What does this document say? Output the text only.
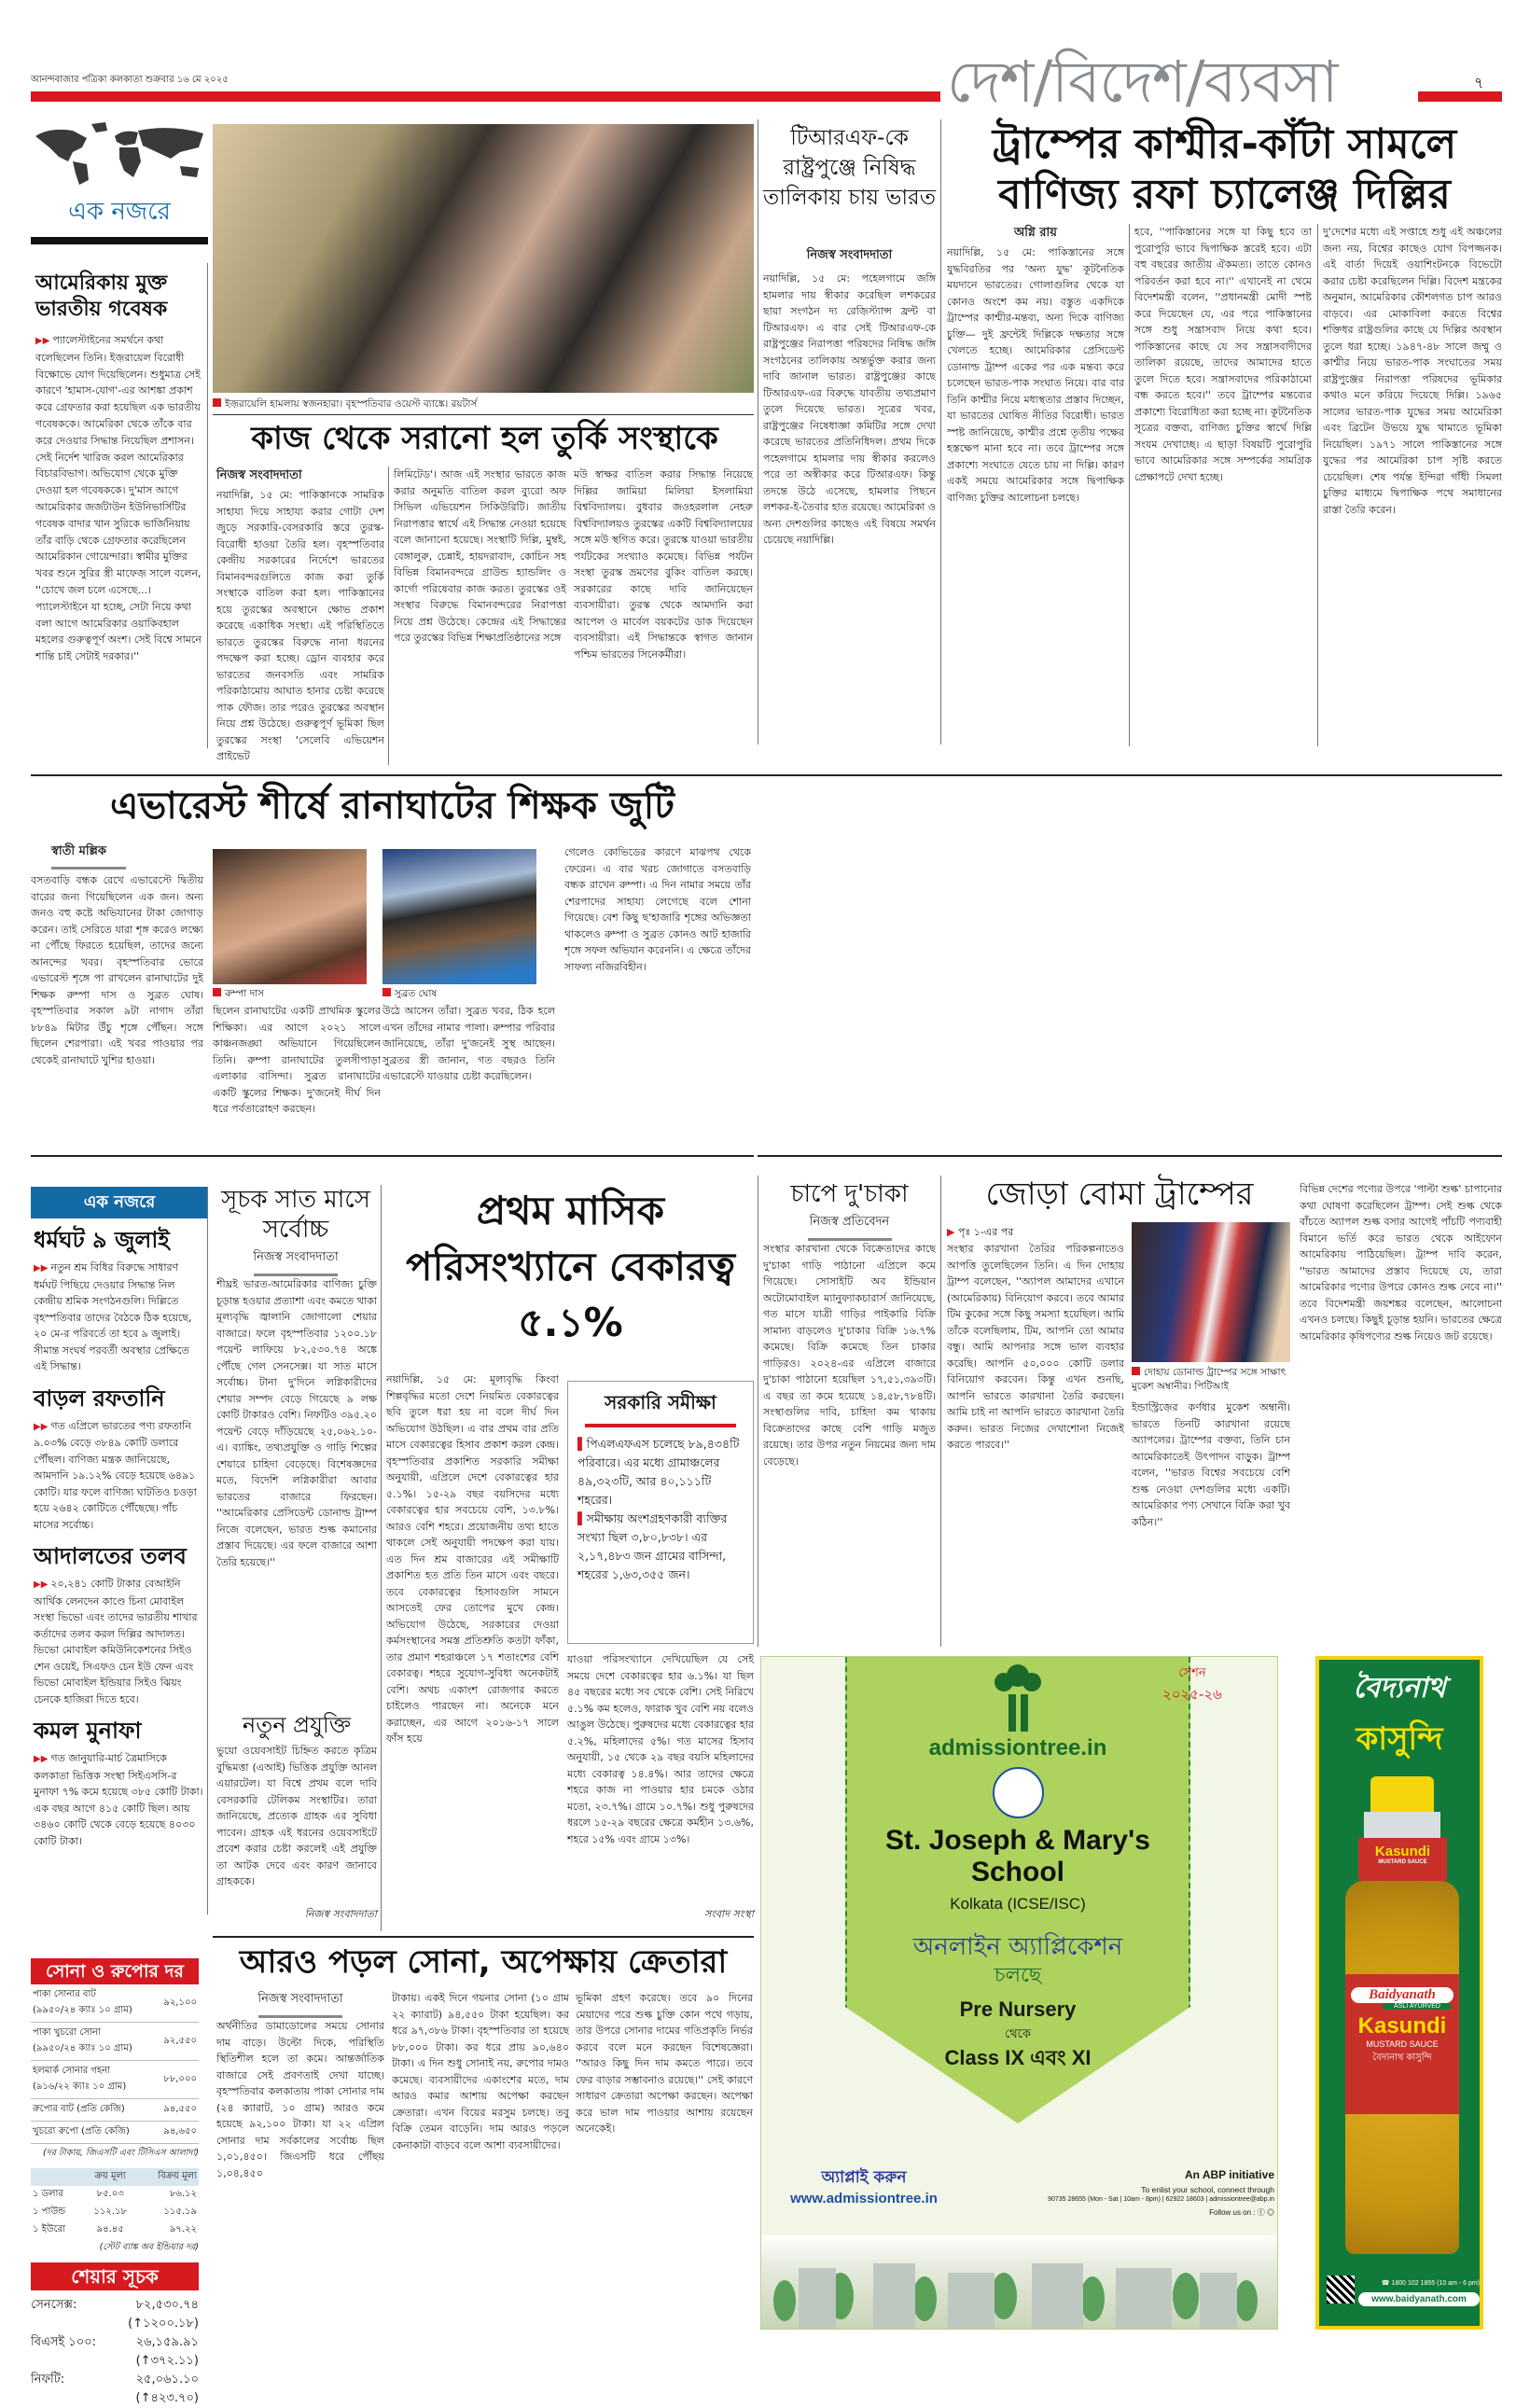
আনন্দবাজার পত্রিকা কলকাতা শুক্রবার ১৬ মে ২০২৫	দেশ/বিদেশ/ব্যবসা	৭
এক নজরে
আমেরিকায় মুক্ত ভারতীয় গবেষক
▶▶ প্যালেস্টাইনের সমর্থনে কথা বলেছিলেন তিনি। ইজ়রায়েল বিরোধী বিক্ষোভে যোগ দিয়েছিলেন। শুধুমাত্র সেই কারণে 'হামাস-যোগ'-এর আশঙ্কা প্রকাশ করে গ্রেফতার করা হয়েছিল এক ভারতীয় গবেষককে। আমেরিকা থেকে তাঁকে বার করে দেওয়ার সিদ্ধান্ত নিয়েছিল প্রশাসন। সেই নির্দেশ খারিজ করল আমেরিকার বিচারবিভাগ। অভিযোগ থেকে মুক্তি দেওয়া হল গবেষককে। দু'মাস আগে আমেরিকার জর্জটাউন ইউনিভার্সিটির গবেষক বাদার খান সুরিকে ভার্জিনিয়ায় তাঁর বাড়ি থেকে গ্রেফতার করেছিলেন আমেরিকান গোয়েন্দারা। স্বামীর মুক্তির খবর শুনে সুরির স্ত্রী মাফেজ় সালে বলেন, ''চোখে জল চলে এসেছে...। প্যালেস্টাইনে যা হচ্ছে, সেটা নিয়ে কথা বলা আগে আমেরিকার ওয়াকিবহাল মহলের গুরুত্বপূর্ণ অংশ। সেই বিশ্বে সামনে শান্তি চাই সেটাই দরকার।''
ইজ়রায়েলি হামলায় স্বজনহারা। বৃহস্পতিবার ওয়েস্ট ব্যাঙ্কে। রয়টার্স
কাজ থেকে সরানো হল তুর্কি সংস্থাকে
নিজস্ব সংবাদদাতা
নয়াদিল্লি, ১৫ মে: পাকিস্তানকে সামরিক সাহায্য দিয়ে সাহায্য করার গোটা দেশ জুড়ে সরকারি-বেসরকারি স্তরে তুরস্ক-বিরোধী হাওয়া তৈরি হল। বৃহস্পতিবার কেন্দ্রীয় সরকারের নির্দেশে ভারতের বিমানবন্দরগুলিতে কাজ করা তুর্কি সংস্থাকে বাতিল করা হল। পাকিস্তানের হয়ে তুরস্কের অবস্থানে ক্ষোভ প্রকাশ করেছে একাধিক সংস্থা। এই পরিস্থিতিতে ভারতে তুরস্কের বিরুদ্ধে নানা ধরনের পদক্ষেপ করা হচ্ছে। ড্রোন ব্যবহার করে ভারতের জনবসতি এবং সামরিক পরিকাঠামোয় আঘাত হানার চেষ্টা করেছে পাক ফৌজ। তার পরেও তুরস্কের অবস্থান নিয়ে প্রশ্ন উঠেছে। গুরুত্বপূর্ণ ভূমিকা ছিল তুরস্কের সংস্থা 'সেলেবি এভিয়েশন প্রাইভেট
লিমিটেড'। আজ এই সংস্থার ভারতে কাজ করার অনুমতি বাতিল করল ব্যুরো অফ সিভিল এভিয়েশন সিকিউরিটি। জাতীয় নিরাপত্তার স্বার্থে এই সিদ্ধান্ত নেওয়া হয়েছে বলে জানানো হয়েছে। সংস্থাটি দিল্লি, মুম্বই, বেঙ্গালুরু, চেন্নাই, হায়দরাবাদ, কোচিন সহ বিভিন্ন বিমানবন্দরে গ্রাউন্ড হ্যান্ডলিং ও কার্গো পরিষেবার কাজ করত। তুরস্কের ওই সংস্থার বিরুদ্ধে বিমানবন্দরের নিরাপত্তা নিয়ে প্রশ্ন উঠেছে। কেন্দ্রের এই সিদ্ধান্তের পরে তুরস্কের বিভিন্ন শিক্ষাপ্রতিষ্ঠানের সঙ্গে
মউ স্বাক্ষর বাতিল করার সিদ্ধান্ত নিয়েছে দিল্লির জামিয়া মিলিয়া ইসলামিয়া বিশ্ববিদ্যালয়। বুধবার জওহরলাল নেহরু বিশ্ববিদ্যালয়ও তুরস্কের একটি বিশ্ববিদ্যালয়ের সঙ্গে মউ স্থগিত করে। তুরস্কে যাওয়া ভারতীয় পর্যটকের সংখ্যাও কমেছে। বিভিন্ন পর্যটন সংস্থা তুরস্ক ভ্রমণের বুকিং বাতিল করছে। সরকারের কাছে দাবি জানিয়েছেন ব্যবসায়ীরা। তুরস্ক থেকে আমদানি করা আপেল ও মার্বেল বয়কটের ডাক দিয়েছেন ব্যবসায়ীরা। এই সিদ্ধান্তকে স্বাগত জানান পশ্চিম ভারতের সিনেকর্মীরা।
টিআরএফ-কে রাষ্ট্রপুঞ্জে নিষিদ্ধ তালিকায় চায় ভারত
নিজস্ব সংবাদদাতা
নয়াদিল্লি, ১৫ মে: পহেলগামে জঙ্গি হামলার দায় স্বীকার করেছিল লশকরের ছায়া সংগঠন দ্য রেজ়িস্ট্যান্স ফ্রন্ট বা টিআরএফ। এ বার সেই টিআরএফ-কে রাষ্ট্রপুঞ্জের নিরাপত্তা পরিষদের নিষিদ্ধ জঙ্গি সংগঠনের তালিকায় অন্তর্ভুক্ত করার জন্য দাবি জানাল ভারত। রাষ্ট্রপুঞ্জের কাছে টিআরএফ-এর বিরুদ্ধে যাবতীয় তথ্যপ্রমাণ তুলে দিয়েছে ভারত। সূত্রের খবর, রাষ্ট্রপুঞ্জের নিষেধাজ্ঞা কমিটির সঙ্গে দেখা করেছে ভারতের প্রতিনিধিদল। প্রথম দিকে পহেলগামে হামলার দায় স্বীকার করলেও পরে তা অস্বীকার করে টিআরএফ। কিন্তু তদন্তে উঠে এসেছে, হামলার পিছনে লশকর-ই-তৈবার হাত রয়েছে। আমেরিকা ও অন্য দেশগুলির কাছেও এই বিষয়ে সমর্থন চেয়েছে নয়াদিল্লি।
ট্রাম্পের কাশ্মীর-কাঁটা সামলে বাণিজ্য রফা চ্যালেঞ্জ দিল্লির
অগ্নি রায়
নয়াদিল্লি, ১৫ মে: পাকিস্তানের সঙ্গে যুদ্ধবিরতির পর 'অন্য যুদ্ধ' কূটনৈতিক ময়দানে ভারতের। গোলাগুলির থেকে যা কোনও অংশে কম নয়। বস্তুত একদিকে ট্রাম্পের কাশ্মীর-মন্তব্য, অন্য দিকে বাণিজ্য চুক্তি— দুই ফ্রন্টেই দিল্লিকে দক্ষতার সঙ্গে খেলতে হচ্ছে। আমেরিকার প্রেসিডেন্ট ডোনাল্ড ট্রাম্প একের পর এক মন্তব্য করে চলেছেন ভারত-পাক সংঘাত নিয়ে। বার বার তিনি কাশ্মীর নিয়ে মধ্যস্থতার প্রস্তাব দিচ্ছেন, যা ভারতের ঘোষিত নীতির বিরোধী। ভারত স্পষ্ট জানিয়েছে, কাশ্মীর প্রশ্নে তৃতীয় পক্ষের হস্তক্ষেপ মানা হবে না। তবে ট্রাম্পের সঙ্গে প্রকাশ্যে সংঘাতে যেতে চায় না দিল্লি। কারণ একই সময়ে আমেরিকার সঙ্গে দ্বিপাক্ষিক বাণিজ্য চুক্তির আলোচনা চলছে।
হবে, ''পাকিস্তানের সঙ্গে যা কিছু হবে তা পুরোপুরি ভাবে দ্বিপাক্ষিক স্তরেই হবে। এটা বহু বছরের জাতীয় ঐকমত্য। তাতে কোনও পরিবর্তন করা হবে না।'' এখানেই না থেমে বিদেশমন্ত্রী বলেন, ''প্রধানমন্ত্রী মোদী স্পষ্ট করে দিয়েছেন যে, এর পরে পাকিস্তানের সঙ্গে শুধু সন্ত্রাসবাদ নিয়ে কথা হবে। পাকিস্তানের কাছে যে সব সন্ত্রাসবাদীদের তালিকা রয়েছে, তাদের আমাদের হাতে তুলে দিতে হবে। সন্ত্রাসবাদের পরিকাঠামো বন্ধ করতে হবে।'' তবে ট্রাম্পের মন্তব্যের প্রকাশ্যে বিরোধিতা করা হচ্ছে না। কূটনৈতিক সূত্রের বক্তব্য, বাণিজ্য চুক্তির স্বার্থে দিল্লি সংযম দেখাচ্ছে। এ ছাড়া বিষয়টি পুরোপুরি ভাবে আমেরিকার সঙ্গে সম্পর্কের সামগ্রিক প্রেক্ষাপটে দেখা হচ্ছে।
দু'দেশের মধ্যে এই সপ্তাহে শুধু এই অঞ্চলের জন্য নয়, বিশ্বের কাছেও যোগ বিপজ্জনক। এই বার্তা দিয়েই ওয়াশিংটনকে বিভেটো করার চেষ্টা করেছিলেন দিল্লি। বিদেশ মন্ত্রকের অনুমান, আমেরিকার কৌশলগত চাপ আরও বাড়বে। এর মোকাবিলা করতে বিশ্বের শক্তিধর রাষ্ট্রগুলির কাছে যে দিল্লির অবস্থান তুলে ধরা হচ্ছে। ১৯৪৭-৪৮ সালে জম্মু ও কাশ্মীর নিয়ে ভারত-পাক সংঘাতের সময় রাষ্ট্রপুঞ্জের নিরাপত্তা পরিষদের ভূমিকার কথাও মনে করিয়ে দিয়েছে দিল্লি। ১৯৬৫ সালের ভারত-পাক যুদ্ধের সময় আমেরিকা এবং ব্রিটেন উভয়ে যুদ্ধ থামাতে ভূমিকা নিয়েছিল। ১৯৭১ সালে পাকিস্তানের সঙ্গে যুদ্ধের পর আমেরিকা চাপ সৃষ্টি করতে চেয়েছিল। শেষ পর্যন্ত ইন্দিরা গাঁধী সিমলা চুক্তির মাধ্যমে দ্বিপাক্ষিক পথে সমাধানের রাস্তা তৈরি করেন।
এভারেস্ট শীর্ষে রানাঘাটের শিক্ষক জুটি
স্বাতী মল্লিক
বসতবাড়ি বন্ধক রেখে এভারেস্টে দ্বিতীয় বারের জন্য গিয়েছিলেন এক জন। অন্য জনও বহু কষ্টে অভিযানের টাকা জোগাড় করেন। তাই সেরিতে যারা শৃঙ্গ করেও লক্ষ্যে না পৌঁছে ফিরতে হয়েছিল, তাদের জন্যে আনন্দের খবর। বৃহস্পতিবার ভোরে এভারেস্ট শৃঙ্গে পা রাখলেন রানাঘাটের দুই শিক্ষক রুম্পা দাস ও সুব্রত ঘোষ। বৃহস্পতিবার সকাল ৯টা নাগাদ তাঁরা ৮৮৪৯ মিটার উঁচু শৃঙ্গে পৌঁছন। সঙ্গে ছিলেন শেরপারা। এই খবর পাওয়ার পর থেকেই রানাঘাটে খুশির হাওয়া।
রুম্পা দাস
ছিলেন রানাঘাটের একটি প্রাথমিক স্কুলের শিক্ষিকা। এর আগে ২০২১ সালে কাঞ্চনজঙ্ঘা অভিযানে গিয়েছিলেন তিনি। রুম্পা রানাঘাটের তুলসীপাড়া এলাকার বাসিন্দা। সুব্রত রানাঘাটের একটি স্কুলের শিক্ষক। দু'জনেই দীর্ঘ দিন ধরে পর্বতারোহণ করছেন।
সুব্রত ঘোষ
উঠে আসেন তাঁরা। সুব্রত খবর, ঠিক হলে এখন তাঁদের নামার পালা। রুম্পার পরিবার জানিয়েছে, তাঁরা দু'জনেই সুস্থ আছেন। সুব্রতর স্ত্রী জানান, গত বছরও তিনি এভারেস্টে যাওয়ার চেষ্টা করেছিলেন।
গেলেও কোভিডের কারণে মাঝপথ থেকে ফেরেন। এ বার খরচ জোগাতে বসতবাড়ি বন্ধক রাখেন রুম্পা। এ দিন নামার সময়ে তাঁর শেরপাদের সাহায্য লেগেছে বলে শোনা গিয়েছে। বেশ কিছু ছ'হাজারি শৃঙ্গের অভিজ্ঞতা থাকলেও রুম্পা ও সুব্রত কোনও আট হাজারি শৃঙ্গে সফল অভিযান করেননি। এ ক্ষেত্রে তাঁদের সাফল্য নজিরবিহীন।
এক নজরে
ধর্মঘট ৯ জুলাই
▶▶ নতুন শ্রম বিধির বিরুদ্ধে সাধারণ ধর্মঘট পিছিয়ে দেওয়ার সিদ্ধান্ত নিল কেন্দ্রীয় শ্রমিক সংগঠনগুলি। দিল্লিতে বৃহস্পতিবার তাদের বৈঠকে ঠিক হয়েছে, ২০ মে-র পরিবর্তে তা হবে ৯ জুলাই। সীমান্ত সংঘর্ষ পরবর্তী অবস্থার প্রেক্ষিতে এই সিদ্ধান্ত।
বাড়ল রফতানি
▶▶ গত এপ্রিলে ভারতের পণ্য রফতানি ৯.০৩% বেড়ে ৩৮৪৯ কোটি ডলারে পৌঁছল। বাণিজ্য মন্ত্রক জানিয়েছে, আমদানি ১৯.১২% বেড়ে হয়েছে ৬৪৯১ কোটি। যার ফলে বাণিজ্য ঘাটতিও চওড়া হয়ে ২৬৪২ কোটিতে পৌঁছেছে। পাঁচ মাসের সর্বোচ্চ।
আদালতের তলব
▶▶ ২০,২৪১ কোটি টাকার বেআইনি আর্থিক লেনদেন কাণ্ডে চিনা মোবাইল সংস্থা ভিভো এবং তাদের ভারতীয় শাখার কর্তাদের তলব করল দিল্লির আদালত। ভিভো মোবাইল কমিউনিকেশনের সিইও শেন ওয়েই, সিএফও চেন ইউ ফেন এবং ভিভো মোবাইল ইন্ডিয়ার সিইও ঝিয়ং চেনকে হাজিরা দিতে হবে।
কমল মুনাফা
▶▶ গত জানুয়ারি-মার্চ ত্রৈমাসিকে কলকাতা ভিত্তিক সংস্থা সিইএসসি-র মুনাফা ৭% কমে হয়েছে ৩৮৫ কোটি টাকা। এক বছর আগে ৪১৫ কোটি ছিল। আয় ৩৪৬০ কোটি থেকে বেড়ে হয়েছে ৪০৩০ কোটি টাকা।
সোনা ও রুপোর দর
পাকা সোনার বাট
(৯৯৫০/২৪ ক্যাঃ ১০ গ্রাম)	৯২,১০০

পাকা খুচরো সোনা
(৯৯৫০/২৪ ক্যাঃ ১০ গ্রাম)	৯২,৫৫০

হলমার্ক সোনার গহনা
(৯১৬/২২ ক্যাঃ ১০ গ্রাম)	৮৮,০০০
রুপোর বাট (প্রতি কেজি)	৯৪,৫৫০
খুচরো রুপো (প্রতি কেজি)	৯৪,৬৫০
(দর টাকায়, জিএসটি এবং টিসিএস আলাদা)
	ক্রয় মূল্য	বিক্রয় মূল্য
১ ডলার	৮৫.০৩	৮৬.১২
১ পাউন্ড	১১২.১৮	১১৫.১৯
১ ইউরো	৯৪.৪৫	৯৭.২২
(স্টেট ব্যাঙ্ক অব ইন্ডিয়ার দর)
শেয়ার সূচক
সেনসেক্স:	৮২,৫৩০.৭৪
(↑১২০০.১৮)
বিএসই ১০০:	২৬,১৫৯.৯১
(↑৩৭২.১১)
নিফটি:	২৫,০৬১.১০
(↑৪২৩.৭০)
সূচক সাত মাসে সর্বোচ্চ
নিজস্ব সংবাদদাতা
শীঘ্রই ভারত-আমেরিকার বাণিজ্য চুক্তি চূড়ান্ত হওয়ার প্রত্যাশা এবং কমতে থাকা মূল্যবৃদ্ধি জ্বালানি জোগালো শেয়ার বাজারে। ফলে বৃহস্পতিবার ১২০০.১৮ পয়েন্ট লাফিয়ে ৮২,৫৩০.৭৪ অঙ্কে পৌঁছে গেল সেনসেক্স। যা সাত মাসে সর্বোচ্চ। টানা দু'দিনে লগ্নিকারীদের শেয়ার সম্পদ বেড়ে গিয়েছে ৯ লক্ষ কোটি টাকারও বেশি। নিফটিও ৩৯৫.২০ পয়েন্ট বেড়ে দাঁড়িয়েছে ২৫,০৬২.১০-এ। ব্যাঙ্কিং, তথ্যপ্রযুক্তি ও গাড়ি শিল্পের শেয়ারে চাহিদা বেড়েছে। বিশেষজ্ঞদের মতে, বিদেশি লগ্নিকারীরা আবার ভারতের বাজারে ফিরছেন। ''আমেরিকার প্রেসিডেন্ট ডোনাল্ড ট্রাম্প নিজে বলেছেন, ভারত শুল্ক কমানোর প্রস্তাব দিয়েছে। এর ফলে বাজারে আশা তৈরি হয়েছে।''
নতুন প্রযুক্তি
ভুয়ো ওয়েবসাইট চিহ্নিত করতে কৃত্রিম বুদ্ধিমত্তা (এআই) ভিত্তিক প্রযুক্তি আনল এয়ারটেল। যা বিশ্বে প্রথম বলে দাবি বেসরকারি টেলিকম সংস্থাটির। তারা জানিয়েছে, প্রত্যেক গ্রাহক এর সুবিধা পাবেন। গ্রাহক এই ধরনের ওয়েবসাইটে প্রবেশ করার চেষ্টা করলেই এই প্রযুক্তি তা আটক দেবে এবং কারণ জানাবে গ্রাহককে।
নিজস্ব সংবাদদাতা
প্রথম মাসিক পরিসংখ্যানে বেকারত্ব ৫.১%
নয়াদিল্লি, ১৫ মে: মূল্যবৃদ্ধি কিংবা শিল্পবৃদ্ধির মতো দেশে নিয়মিত বেকারত্বের ছবি তুলে ধরা হয় না বলে দীর্ঘ দিন অভিযোগ উঠছিল। এ বার প্রথম বার প্রতি মাসে বেকারত্বের হিসাব প্রকাশ করল কেন্দ্র। বৃহস্পতিবার প্রকাশিত সরকারি সমীক্ষা অনুযায়ী, এপ্রিলে দেশে বেকারত্বের হার ৫.১%। ১৫-২৯ বছর বয়সিদের মধ্যে বেকারত্বের হার সবচেয়ে বেশি, ১৩.৮%। আরও বেশি শহরে। প্রয়োজনীয় তথ্য হাতে থাকলে সেই অনুযায়ী পদক্ষেপ করা যায়। এত দিন শ্রম বাজারের এই সমীক্ষাটি প্রকাশিত হত প্রতি তিন মাসে এবং বছরে। তবে বেকারত্বের হিসাবগুলি সামনে আসতেই ফের তোপের মুখে কেন্দ্র। অভিযোগ উঠেছে, সরকারের দেওয়া কর্মসংস্থানের সমস্ত প্রতিশ্রুতি কতটা ফাঁকা, তার প্রমাণ শহরাঞ্চলে ১৭ শতাংশের বেশি বেকারত্ব। শহরে সুযোগ-সুবিধা অনেকটাই বেশি। অথচ একাংশ রোজগার করতে চাইলেও পারছেন না। অনেকে মনে করাচ্ছেন, এর আগে ২০১৬-১৭ সালে ফাঁস হয়ে
সরকারি সমীক্ষা
▌পিএলএফএস চলেছে ৮৯,৪৩৪টি পরিবারে। এর মধ্যে গ্রামাঞ্চলের ৪৯,৩২৩টি, আর ৪০,১১১টি শহরের।
▌সমীক্ষায় অংশগ্রহণকারী ব্যক্তির সংখ্যা ছিল ৩,৮০,৮৩৮। এর ২,১৭,৪৮৩ জন গ্রামের বাসিন্দা, শহরের ১,৬৩,৩৫৫ জন।
যাওয়া পরিসংখ্যানে দেখিয়েছিল যে সেই সময়ে দেশে বেকারত্বের হার ৬.১%। যা ছিল ৪৫ বছরের মধ্যে সব থেকে বেশি। সেই নিরিখে ৫.১% কম হলেও, ফারাক খুব বেশি নয় বলেও আঙুল উঠেছে। পুরুষদের মধ্যে বেকারত্বের হার ৫.২%, মহিলাদের ৫%। গত মাসের হিসাব অনুযায়ী, ১৫ থেকে ২৯ বছর বয়সি মহিলাদের মধ্যে বেকারত্ব ১৪.৪%। আর তাদের ক্ষেত্রে শহরে কাজ না পাওয়ার হার চমকে ওঠার মতো, ২৩.৭%। গ্রামে ১০.৭%। শুধু পুরুষদের ধরলে ১৫-২৯ বছরের ক্ষেত্রে কর্মহীন ১৩.৬%, শহরে ১৫% এবং গ্রামে ১৩%।
সংবাদ সংস্থা
আরও পড়ল সোনা, অপেক্ষায় ক্রেতারা
নিজস্ব সংবাদদাতা
অর্থনীতির ডামাডোলের সময়ে সোনার দাম বাড়ে। উল্টো দিকে, পরিস্থিতি স্থিতিশীল হলে তা কমে। আন্তর্জাতিক বাজারে সেই প্রবণতাই দেখা যাচ্ছে। বৃহস্পতিবার কলকাতায় পাকা সোনার দাম (২৪ ক্যারাট, ১০ গ্রাম) আরও কমে হয়েছে ৯২,১০০ টাকা। যা ২২ এপ্রিল সোনার দাম সর্বকালের সর্বোচ্চ ছিল ১,০১,৪৫০। জিএসটি ধরে পৌঁছয় ১,০৪,৪৫০
টাকায়। একই দিনে গয়নার সোনা (১০ গ্রাম ২২ ক্যারাট) ৯৪,৫৫০ টাকা হয়েছিল। কর ধরে ৯৭,৩৮৬ টাকা। বৃহস্পতিবার তা হয়েছে ৮৮,০০০ টাকা। কর ধরে প্রায় ৯০,৬৪০ টাকা। এ দিন শুধু সোনাই নয়, রুপোর দামও কমেছে। ব্যবসায়ীদের একাংশের মতে, দাম আরও কমার আশায় অপেক্ষা করছেন ক্রেতারা। এখন বিয়ের মরসুম চলছে। তবু বিক্রি তেমন বাড়েনি। দাম আরও পড়লে কেনাকাটা বাড়বে বলে আশা ব্যবসায়ীদের।
ভূমিকা গ্রহণ করেছে। তবে ৯০ দিনের মেয়াদের পরে শুল্ক চুক্তি কোন পথে গড়ায়, তার উপরে সোনার দামের গতিপ্রকৃতি নির্ভর করবে বলে মনে করছেন বিশেষজ্ঞেরা। ''আরও কিছু দিন দাম কমতে পারে। তবে ফের বাড়ার সম্ভাবনাও রয়েছে।'' সেই কারণে সাধারণ ক্রেতারা অপেক্ষা করছেন। অপেক্ষা করে ভাল দাম পাওয়ার আশায় রয়েছেন অনেকেই।
চাপে দু'চাকা
নিজস্ব প্রতিবেদন
সংস্থার কারখানা থেকে বিক্রেতাদের কাছে দু'চাকা গাড়ি পাঠানো এপ্রিলে কমে গিয়েছে। সোসাইটি অব ইন্ডিয়ান অটোমোবাইল ম্যানুফ্যাকচারার্স জানিয়েছে, গত মাসে যাত্রী গাড়ির পাইকারি বিক্রি সামান্য বাড়লেও দু'চাকার বিক্রি ১৬.৭% কমেছে। বিক্রি কমেছে তিন চাকার গাড়িরও। ২০২৪-এর এপ্রিলে বাজারে দু'চাকা পাঠানো হয়েছিল ১৭,৫১,৩৯৩টি। এ বছর তা কমে হয়েছে ১৪,৫৮,৭৮৪টি। সংস্থাগুলির দাবি, চাহিদা কম থাকায় বিক্রেতাদের কাছে বেশি গাড়ি মজুত রয়েছে। তার উপর নতুন নিয়মের জন্য দাম বেড়েছে।
জোড়া বোমা ট্রাম্পের
▶ পৃঃ ১-এর পর
সংস্থার কারখানা তৈরির পরিকল্পনাতেও আপত্তি তুলেছিলেন তিনি। এ দিন দোহায় ট্রাম্প বলেছেন, ''অ্যাপল আমাদের এখানে (আমেরিকায়) বিনিয়োগ করবে। তবে আমার টিম কুকের সঙ্গে কিছু সমস্যা হয়েছিল। আমি তাঁকে বলেছিলাম, টিম, আপনি তো আমার বন্ধু। আমি আপনার সঙ্গে ভাল ব্যবহার করেছি। আপনি ৫০,০০০ কোটি ডলার বিনিয়োগ করবেন। কিন্তু এখন শুনছি, আপনি ভারতে কারখানা তৈরি করছেন। আমি চাই না আপনি ভারতে কারখানা তৈরি করুন। ভারত নিজের দেখাশোনা নিজেই করতে পারবে।''
দোহায় ডোনাল্ড ট্রাম্পের সঙ্গে সাক্ষাৎ মুকেশ অম্বানীর। পিটিআই
ইন্ডাস্ট্রিজ়ের কর্ণধার মুকেশ অম্বানী। ভারতে তিনটি কারখানা রয়েছে অ্যাপলের। ট্রাম্পের বক্তব্য, তিনি চান আমেরিকাতেই উৎপাদন বাড়ুক। ট্রাম্প বলেন, ''ভারত বিশ্বের সবচেয়ে বেশি শুল্ক নেওয়া দেশগুলির মধ্যে একটি। আমেরিকার পণ্য সেখানে বিক্রি করা খুব কঠিন।''
বিভিন্ন দেশের পণ্যের উপরে 'পাল্টা শুল্ক' চাপানোর কথা ঘোষণা করেছিলেন ট্রাম্প। সেই শুল্ক থেকে বাঁচতে অ্যাপল শুল্ক বসার আগেই পাঁচটি পণ্যবাহী বিমানে ভর্তি করে ভারত থেকে আইফোন আমেরিকায় পাঠিয়েছিল। ট্রাম্প দাবি করেন, ''ভারত আমাদের প্রস্তাব দিয়েছে যে, তারা আমেরিকার পণ্যের উপরে কোনও শুল্ক নেবে না।'' তবে বিদেশমন্ত্রী জয়শঙ্কর বলেছেন, আলোচনা এখনও চলছে। কিছুই চূড়ান্ত হয়নি। ভারতের ক্ষেত্রে আমেরিকার কৃষিপণ্যের শুল্ক নিয়েও জট রয়েছে।
সেশন
২০২৫-২৬
admissiontree.in
St. Joseph & Mary's School
Kolkata (ICSE/ISC)
অনলাইন অ্যাপ্লিকেশন
চলছে
Pre Nursery
থেকে
Class IX এবং XI
অ্যাপ্লাই করুন
www.admissiontree.in
An ABP initiative
To enlist your school, connect through
90735 28655 (Mon - Sat | 10am - 8pm) | 62922 18603 | admissiontree@abp.in
Follow us on : ⓕ ◎
বৈদ্যনাথ
কাসুন্দি
Kasundi
MUSTARD SAUCE
Baidyanath
ASLI AYURVED
Kasundi
MUSTARD SAUCE
বৈদ্যনাথ কাসুন্দি
☎ 1800 102 1855 (10 am - 6 pm)
www.baidyanath.com
